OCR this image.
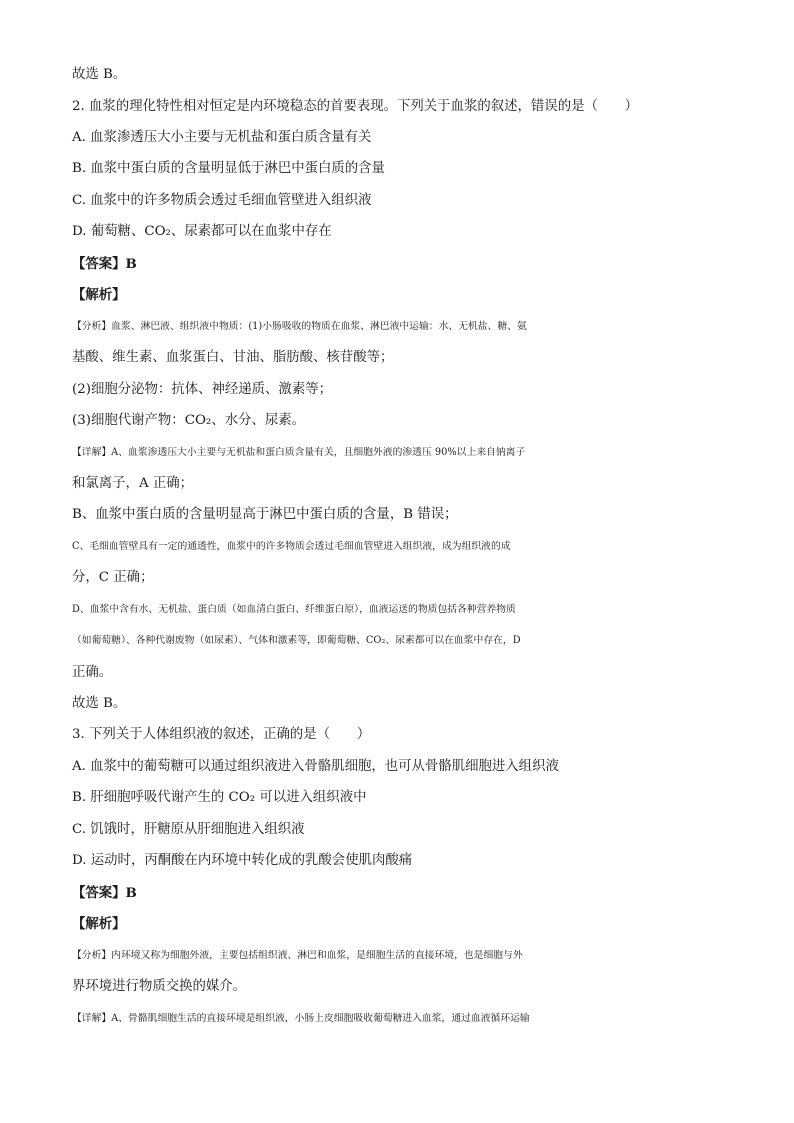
故选 B。
2. 血浆的理化特性相对恒定是内环境稳态的首要表现。下列关于血浆的叙述，错误的是（　　）
A. 血浆渗透压大小主要与无机盐和蛋白质含量有关
B. 血浆中蛋白质的含量明显低于淋巴中蛋白质的含量
C. 血浆中的许多物质会透过毛细血管壁进入组织液
D. 葡萄糖、CO₂、尿素都可以在血浆中存在
【答案】B
【解析】
【分析】血浆、淋巴液、组织液中物质：(1)小肠吸收的物质在血浆、淋巴液中运输：水、无机盐、糖、氨
基酸、维生素、血浆蛋白、甘油、脂肪酸、核苷酸等；
(2)细胞分泌物：抗体、神经递质、激素等；
(3)细胞代谢产物：CO₂、水分、尿素。
【详解】A、血浆渗透压大小主要与无机盐和蛋白质含量有关，且细胞外液的渗透压 90%以上来自钠离子
和氯离子，A 正确；
B、血浆中蛋白质的含量明显高于淋巴中蛋白质的含量，B 错误；
C、毛细血管壁具有一定的通透性，血浆中的许多物质会透过毛细血管壁进入组织液，成为组织液的成
分，C 正确；
D、血浆中含有水、无机盐、蛋白质（如血清白蛋白、纤维蛋白原），血液运送的物质包括各种营养物质
（如葡萄糖）、各种代谢废物（如尿素）、气体和激素等，即葡萄糖、CO₂、尿素都可以在血浆中存在，D
正确。
故选 B。
3. 下列关于人体组织液的叙述，正确的是（　　）
A. 血浆中的葡萄糖可以通过组织液进入骨骼肌细胞，也可从骨骼肌细胞进入组织液
B. 肝细胞呼吸代谢产生的 CO₂ 可以进入组织液中
C. 饥饿时，肝糖原从肝细胞进入组织液
D. 运动时，丙酮酸在内环境中转化成的乳酸会使肌肉酸痛
【答案】B
【解析】
【分析】内环境又称为细胞外液，主要包括组织液、淋巴和血浆，是细胞生活的直接环境，也是细胞与外
界环境进行物质交换的媒介。
【详解】A、骨骼肌细胞生活的直接环境是组织液，小肠上皮细胞吸收葡萄糖进入血浆，通过血液循环运输
